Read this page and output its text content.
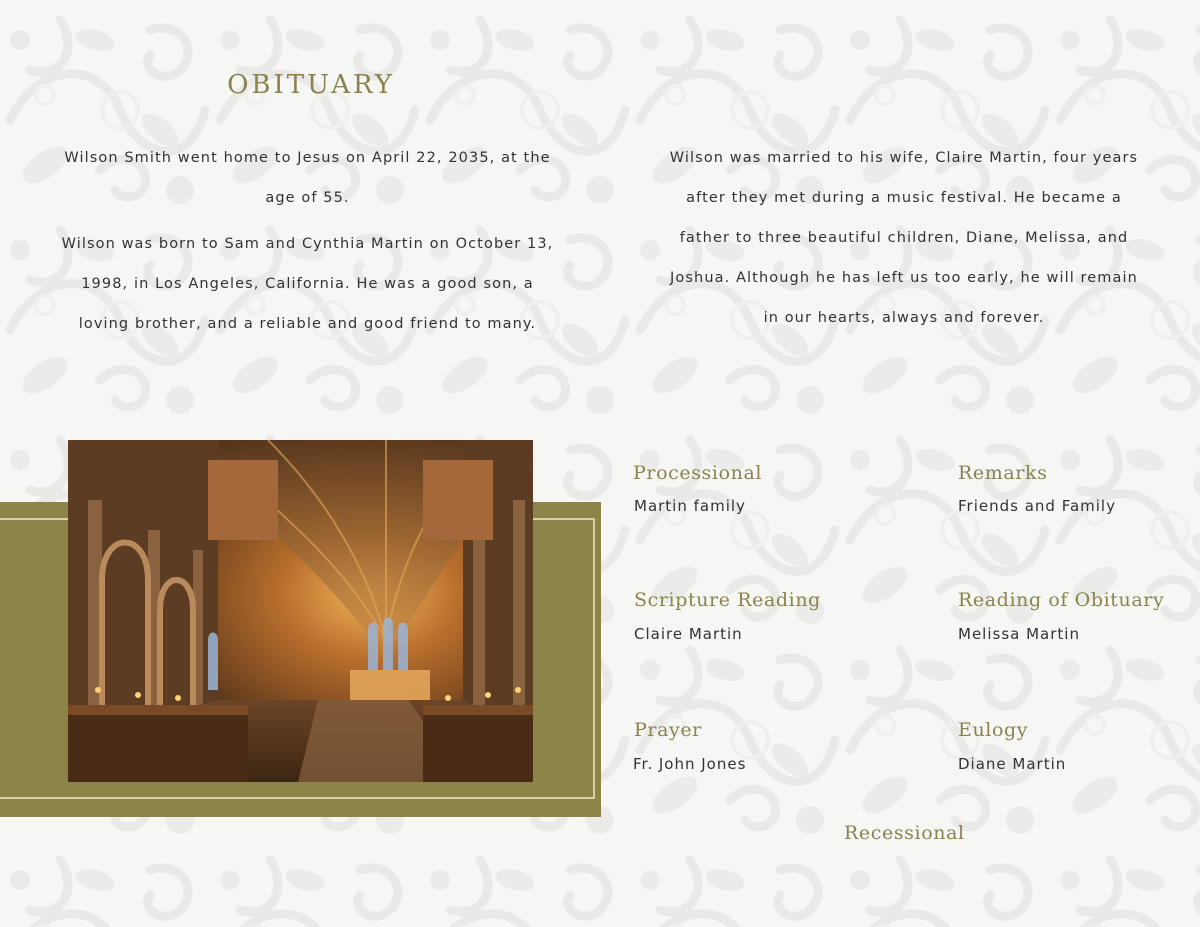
OBITUARY
Wilson Smith went home to Jesus on April 22, 2035, at the age of 55.
Wilson was born to Sam and Cynthia Martin on October 13, 1998, in Los Angeles, California. He was a good son, a loving brother, and a reliable and good friend to many.
Wilson was married to his wife, Claire Martin, four years after they met during a music festival. He became a father to three beautiful children, Diane, Melissa, and Joshua. Although he has left us too early, he will remain in our hearts, always and forever.
Processional
Martin family
Remarks
Friends and Family
Scripture Reading
Claire Martin
Reading of Obituary
Melissa Martin
Prayer
Fr. John Jones
Eulogy
Diane Martin
Recessional
